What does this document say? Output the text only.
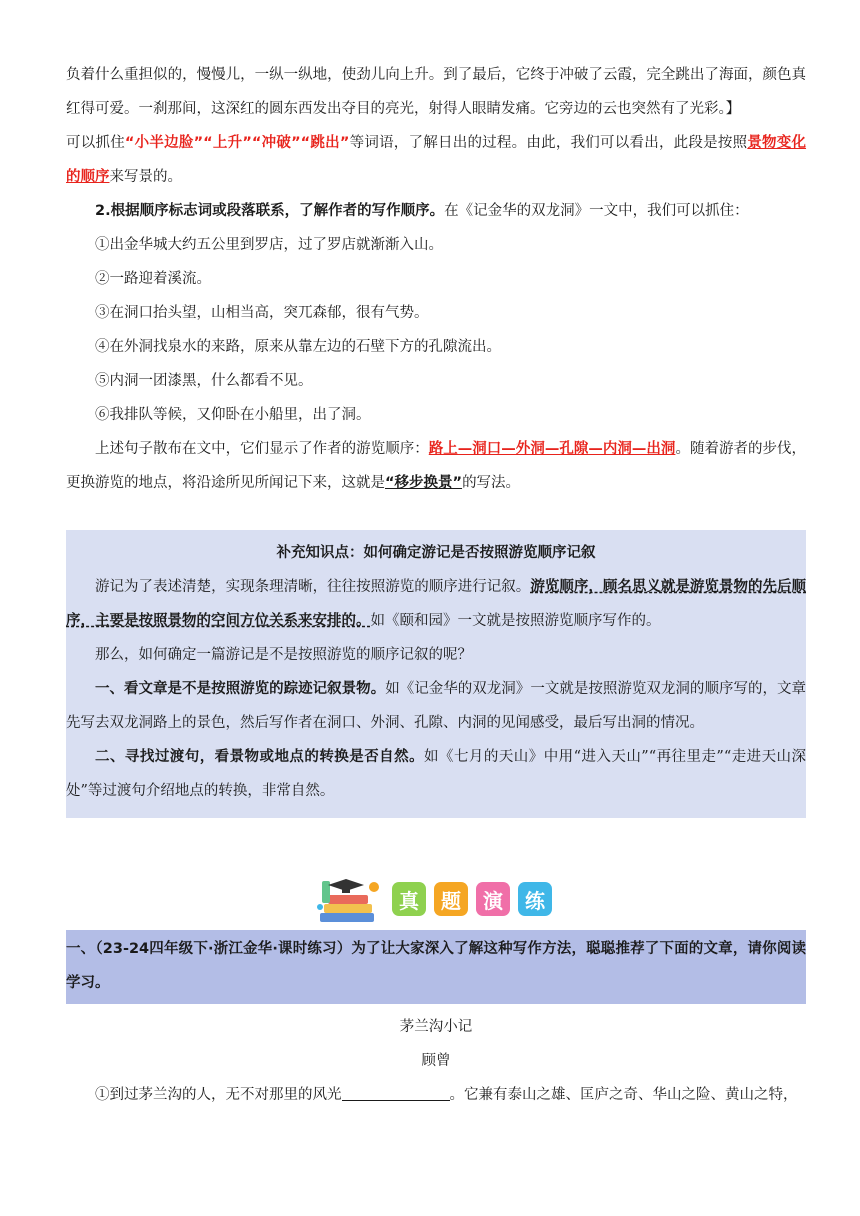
负着什么重担似的，慢慢儿，一纵一纵地，使劲儿向上升。到了最后，它终于冲破了云霞，完全跳出了海面，颜色真红得可爱。一刹那间，这深红的圆东西发出夺目的亮光，射得人眼睛发痛。它旁边的云也突然有了光彩。】

可以抓住“小半边脸”“上升”“冲破”“跳出”等词语，了解日出的过程。由此，我们可以看出，此段是按照景物变化的顺序来写景的。

2.根据顺序标志词或段落联系，了解作者的写作顺序。在《记金华的双龙洞》一文中，我们可以抓住：

①出金华城大约五公里到罗店，过了罗店就渐渐入山。

②一路迎着溪流。

③在洞口抬头望，山相当高，突兀森郁，很有气势。

④在外洞找泉水的来路，原来从靠左边的石壁下方的孔隙流出。

⑤内洞一团漆黑，什么都看不见。

⑥我排队等候，又仰卧在小船里，出了洞。

上述句子散布在文中，它们显示了作者的游览顺序：路上—洞口—外洞—孔隙—内洞—出洞。随着游者的步伐，更换游览的地点，将沿途所见所闻记下来，这就是“移步换景”的写法。

补充知识点：如何确定游记是否按照游览顺序记叙

游记为了表述清楚，实现条理清晰，往往按照游览的顺序进行记叙。游览顺序，顾名思义就是游览景物的先后顺序，主要是按照景物的空间方位关系来安排的。如《颐和园》一文就是按照游览顺序写作的。

那么，如何确定一篇游记是不是按照游览的顺序记叙的呢？

一、看文章是不是按照游览的踪迹记叙景物。如《记金华的双龙洞》一文就是按照游览双龙洞的顺序写的，文章先写去双龙洞路上的景色，然后写作者在洞口、外洞、孔隙、内洞的见闻感受，最后写出洞的情况。

二、寻找过渡句，看景物或地点的转换是否自然。如《七月的天山》中用“进入天山”“再往里走”“走进天山深处”等过渡句介绍地点的转换，非常自然。

真	题	演	练

一、（23-24四年级下·浙江金华·课时练习）为了让大家深入了解这种写作方法，聪聪推荐了下面的文章，请你阅读学习。

茅兰沟小记

顾曾

①到过茅兰沟的人，无不对那里的风光	。它兼有泰山之雄、匡庐之奇、华山之险、黄山之特，
